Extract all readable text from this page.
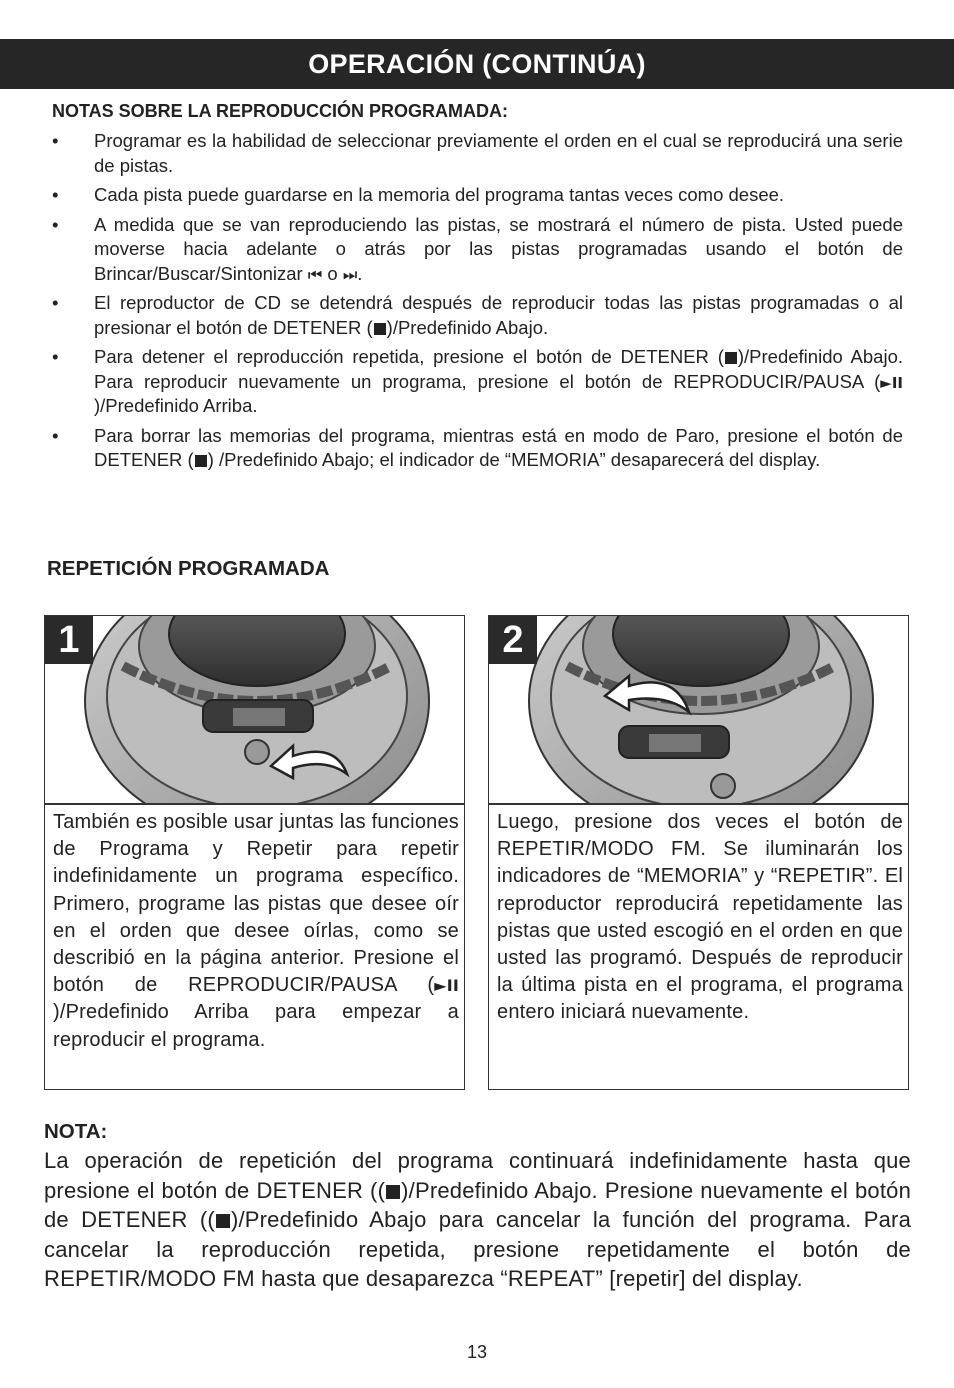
OPERACIÓN (CONTINÚA)
NOTAS SOBRE LA REPRODUCCIÓN PROGRAMADA:
• Programar es la habilidad de seleccionar previamente el orden en el cual se reproducirá una serie de pistas.
• Cada pista puede guardarse en la memoria del programa tantas veces como desee.
• A medida que se van reproduciendo las pistas, se mostrará el número de pista. Usted puede moverse hacia adelante o atrás por las pistas programadas usando el botón de Brincar/Buscar/Sintonizar ⏮ o ⏭.
• El reproductor de CD se detendrá después de reproducir todas las pistas programadas o al presionar el botón de DETENER ( )/Predefinido Abajo.
• Para detener el reproducción repetida, presione el botón de DETENER ( )/Predefinido Abajo. Para reproducir nuevamente un programa, presione el botón de REPRODUCIR/PAUSA (►II)/Predefinido Arriba.
• Para borrar las memorias del programa, mientras está en modo de Paro, presione el botón de DETENER ( ) /Predefinido Abajo; el indicador de “MEMORIA” desaparecerá del display.
REPETICIÓN PROGRAMADA
1
También es posible usar juntas las funciones de Programa y Repetir para repetir indefinidamente un programa específico. Primero, programe las pistas que desee oír en el orden que desee oírlas, como se describió en la página anterior. Presione el botón de REPRODUCIR/PAUSA (►II)/Predefinido Arriba para empezar a reproducir el programa.
2
Luego, presione dos veces el botón de REPETIR/MODO FM. Se iluminarán los indicadores de “MEMORIA” y “REPETIR”. El reproductor reproducirá repetidamente las pistas que usted escogió en el orden en que usted las programó. Después de reproducir la última pista en el programa, el programa entero iniciará nuevamente.
NOTA:
La operación de repetición del programa continuará indefinidamente hasta que presione el botón de DETENER (( )/Predefinido Abajo. Presione nuevamente el botón de DETENER (( )/Predefinido Abajo para cancelar la función del programa. Para cancelar la reproducción repetida, presione repetidamente el botón de REPETIR/MODO FM hasta que desaparezca “REPEAT” [repetir] del display.
13
